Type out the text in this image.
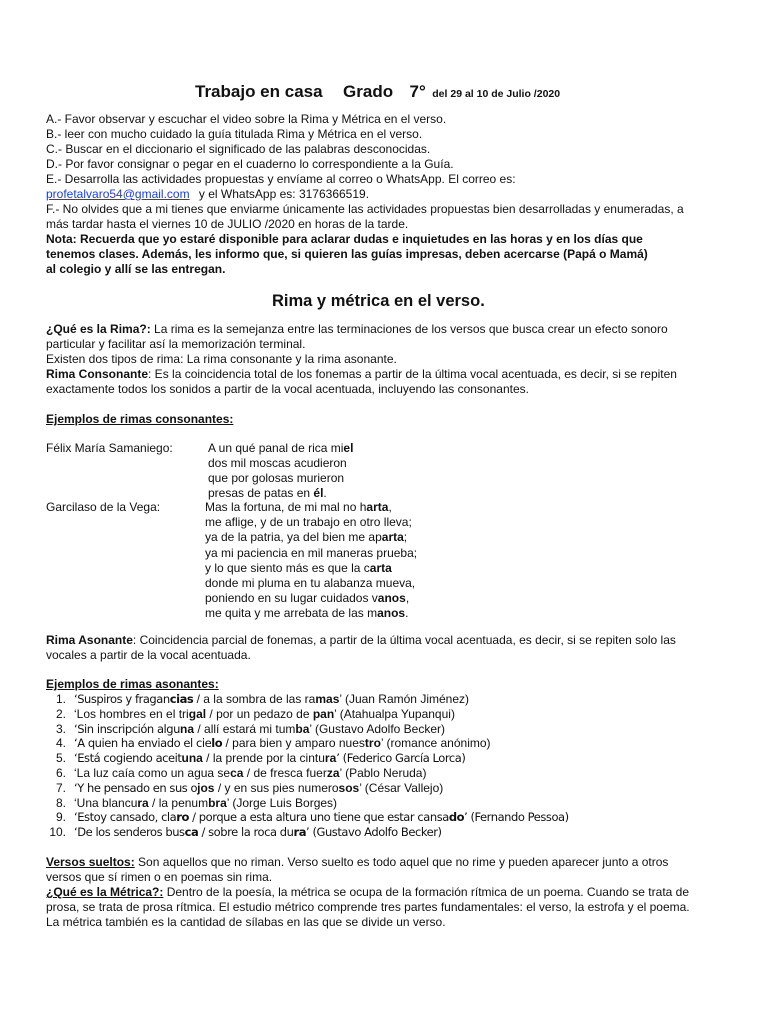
Trabajo en casa Grado 7° del 29 al 10 de Julio /2020
A.- Favor observar y escuchar el video sobre la Rima y Métrica en el verso.
B.- leer con mucho cuidado la guía titulada Rima y Métrica en el verso.
C.- Buscar en el diccionario el significado de las palabras desconocidas.
D.- Por favor consignar o pegar en el cuaderno lo correspondiente a la Guía.
E.- Desarrolla las actividades propuestas y envíame al correo o WhatsApp. El correo es:
profetalvaro54@gmail.com y el WhatsApp es: 3176366519.
F.- No olvides que a mi tienes que enviarme únicamente las actividades propuestas bien desarrolladas y enumeradas, a
más tardar hasta el viernes 10 de JULIO /2020 en horas de la tarde.
Nota: Recuerda que yo estaré disponible para aclarar dudas e inquietudes en las horas y en los días que
tenemos clases. Además, les informo que, si quieren las guías impresas, deben acercarse (Papá o Mamá)
al colegio y allí se las entregan.
Rima y métrica en el verso.
¿Qué es la Rima?: La rima es la semejanza entre las terminaciones de los versos que busca crear un efecto sonoro
particular y facilitar así la memorización terminal.
Existen dos tipos de rima: La rima consonante y la rima asonante.
Rima Consonante: Es la coincidencia total de los fonemas a partir de la última vocal acentuada, es decir, si se repiten
exactamente todos los sonidos a partir de la vocal acentuada, incluyendo las consonantes.
Ejemplos de rimas consonantes:
Félix María Samaniego:	A un qué panal de rica miel
dos mil moscas acudieron
que por golosas murieron
presas de patas en él.
Garcilaso de la Vega:	Mas la fortuna, de mi mal no harta,
me aflige, y de un trabajo en otro lleva;
ya de la patria, ya del bien me aparta;
ya mi paciencia en mil maneras prueba;
y lo que siento más es que la carta
donde mi pluma en tu alabanza mueva,
poniendo en su lugar cuidados vanos,
me quita y me arrebata de las manos.
Rima Asonante: Coincidencia parcial de fonemas, a partir de la última vocal acentuada, es decir, si se repiten solo las
vocales a partir de la vocal acentuada.
Ejemplos de rimas asonantes:
1. ‘Suspiros y fragancias / a la sombra de las ramas’ (Juan Ramón Jiménez)
2. ‘Los hombres en el trigal / por un pedazo de pan’ (Atahualpa Yupanqui)
3. ‘Sin inscripción alguna / allí estará mi tumba’ (Gustavo Adolfo Becker)
4. ‘A quien ha enviado el cielo / para bien y amparo nuestro’ (romance anónimo)
5. ‘Está cogiendo aceituna / la prende por la cintura’ (Federico García Lorca)
6. ‘La luz caía como un agua seca / de fresca fuerza’ (Pablo Neruda)
7. ‘Y he pensado en sus ojos / y en sus pies numerosos’ (César Vallejo)
8. ‘Una blancura / la penumbra’ (Jorge Luis Borges)
9. ‘Estoy cansado, claro / porque a esta altura uno tiene que estar cansado’ (Fernando Pessoa)
10. ‘De los senderos busca / sobre la roca dura’ (Gustavo Adolfo Becker)
Versos sueltos: Son aquellos que no riman. Verso suelto es todo aquel que no rime y pueden aparecer junto a otros
versos que sí rimen o en poemas sin rima.
¿Qué es la Métrica?: Dentro de la poesía, la métrica se ocupa de la formación rítmica de un poema. Cuando se trata de
prosa, se trata de prosa rítmica. El estudio métrico comprende tres partes fundamentales: el verso, la estrofa y el poema.
La métrica también es la cantidad de sílabas en las que se divide un verso.
